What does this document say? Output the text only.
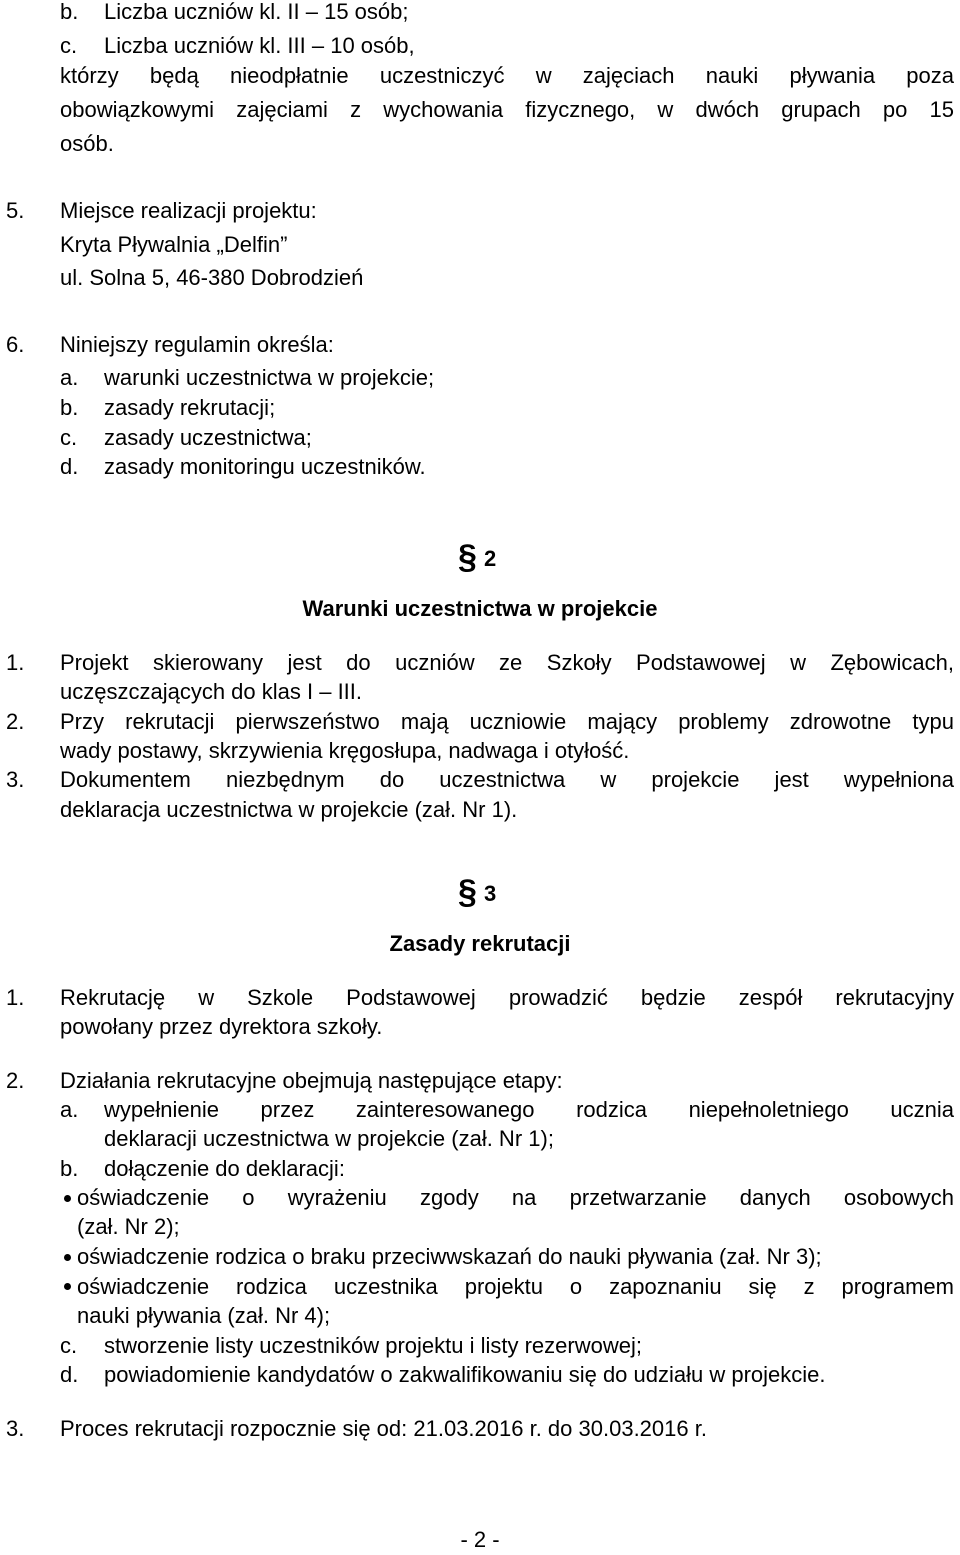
b. Liczba uczniów kl. II – 15 osób;
c. Liczba uczniów kl. III – 10 osób,
którzy będą nieodpłatnie uczestniczyć w zajęciach nauki pływania poza
obowiązkowymi zajęciami z wychowania fizycznego, w dwóch grupach po 15
osób.
5. Miejsce realizacji projektu:
Kryta Pływalnia „Delfin”
ul. Solna 5, 46-380 Dobrodzień
6. Niniejszy regulamin określa:
a. warunki uczestnictwa w projekcie;
b. zasady rekrutacji;
c. zasady uczestnictwa;
d. zasady monitoringu uczestników.
§ 2
Warunki uczestnictwa w projekcie
1. Projekt skierowany jest do uczniów ze Szkoły Podstawowej w Zębowicach,
uczęszczających do klas I – III.
2. Przy rekrutacji pierwszeństwo mają uczniowie mający problemy zdrowotne typu
wady postawy, skrzywienia kręgosłupa, nadwaga i otyłość.
3. Dokumentem niezbędnym do uczestnictwa w projekcie jest wypełniona
deklaracja uczestnictwa w projekcie (zał. Nr 1).
§ 3
Zasady rekrutacji
1. Rekrutację w Szkole Podstawowej prowadzić będzie zespół rekrutacyjny
powołany przez dyrektora szkoły.
2. Działania rekrutacyjne obejmują następujące etapy:
a. wypełnienie przez zainteresowanego rodzica niepełnoletniego ucznia
deklaracji uczestnictwa w projekcie (zał. Nr 1);
b. dołączenie do deklaracji:
oświadczenie o wyrażeniu zgody na przetwarzanie danych osobowych
(zał. Nr 2);
oświadczenie rodzica o braku przeciwwskazań do nauki pływania (zał. Nr 3);
oświadczenie rodzica uczestnika projektu o zapoznaniu się z programem
nauki pływania (zał. Nr 4);
c. stworzenie listy uczestników projektu i listy rezerwowej;
d. powiadomienie kandydatów o zakwalifikowaniu się do udziału w projekcie.
3. Proces rekrutacji rozpocznie się od: 21.03.2016 r. do 30.03.2016 r.
- 2 -
